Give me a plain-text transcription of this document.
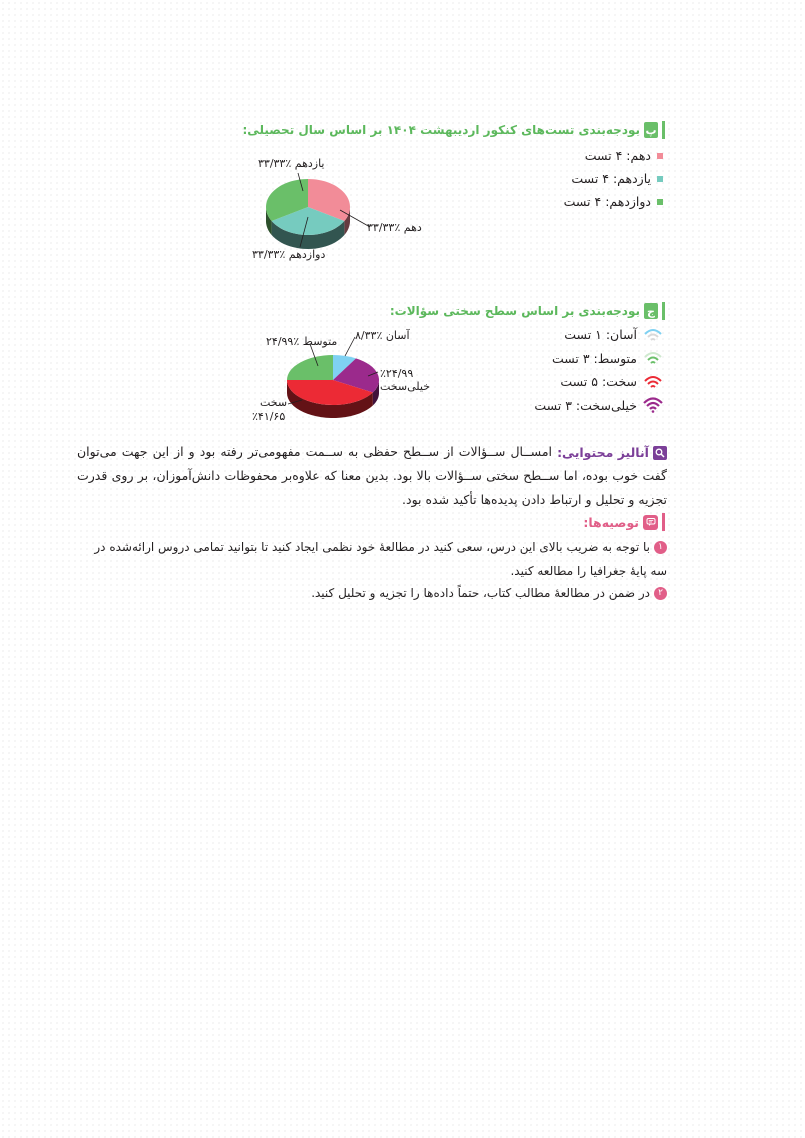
پ
بودجه‌بندی تست‌های کنکور اردیبهشت ۱۴۰۴ بر اساس سال تحصیلی:
دهم: ۴ تست
یازدهم: ۴ تست
دوازدهم: ۴ تست
یازدهم ٪۳۳/۳۳
دهم ٪۳۳/۳۳
دوازدهم ٪۳۳/۳۳
ج
بودجه‌بندی بر اساس سطح سختی سؤالات:
آسان: ۱ تست
متوسط: ۳ تست
سخت: ۵ تست
خیلی‌سخت: ۳ تست
آسان ٪۸/۳۳
متوسط ٪۲۴/۹۹
٪۲۴/۹۹
خیلی‌سخت
سخت
٪۴۱/۶۵
آنالیز محتوایی:
امســال ســؤالات از ســطح حفظی به ســمت مفهومی‌تر رفته بود و از این جهت می‌توان گفت خوب بوده، اما ســطح سختی ســؤالات بالا بود. بدین معنا که علاوه‌بر محفوظات دانش‌آموزان، بر روی قدرت تجزیه و تحلیل و ارتباط دادن پدیده‌ها تأکید شده بود.
توصیه‌ها:
۱با توجه به ضریب بالای این درس، سعی کنید در مطالعهٔ خود نظمی ایجاد کنید تا بتوانید تمامی دروس ارائه‌شده در سه پایهٔ جغرافیا را مطالعه کنید.
۲در ضمن در مطالعهٔ مطالب کتاب، حتماً داده‌ها را تجزیه و تحلیل کنید.
